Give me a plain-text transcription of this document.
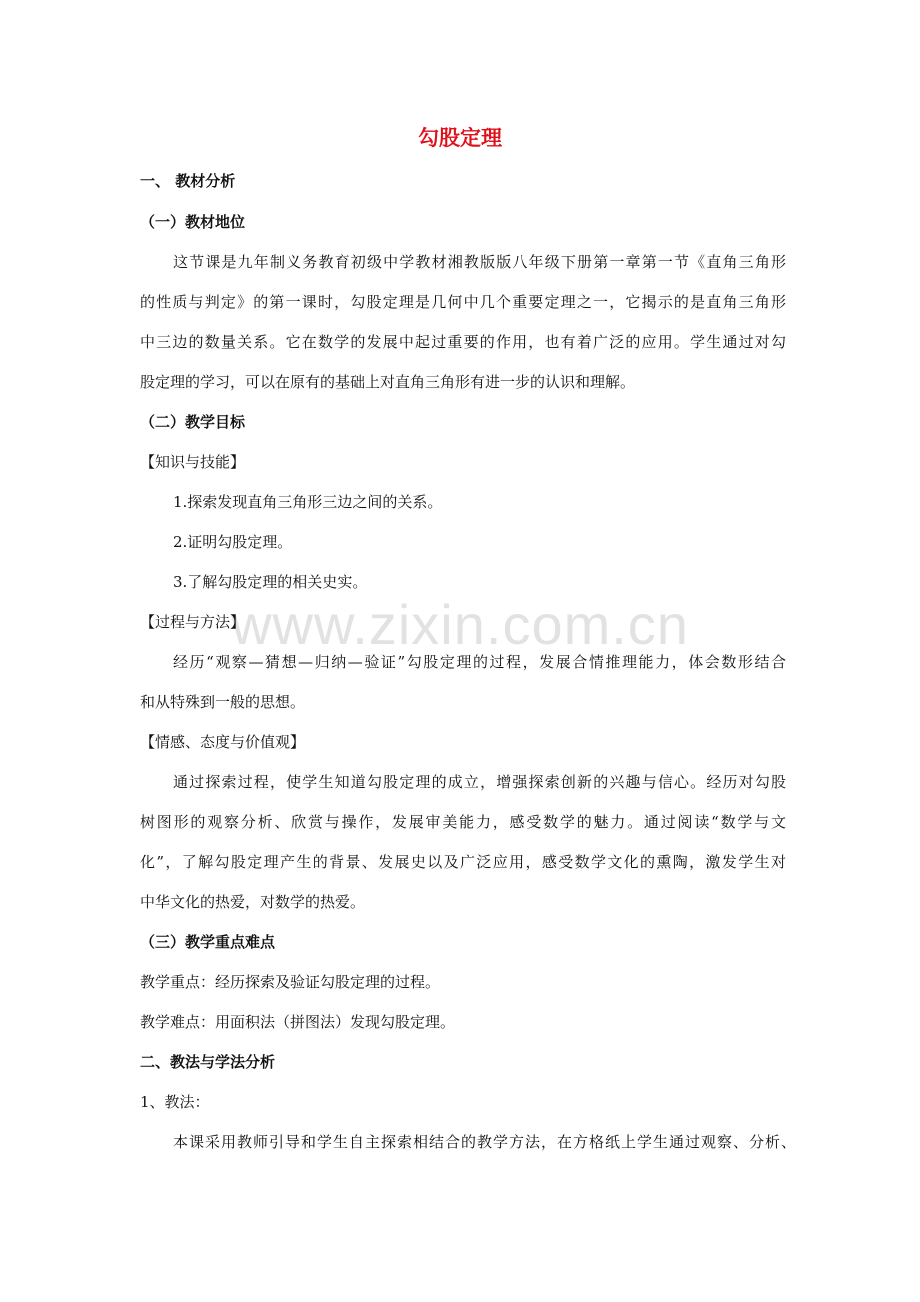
www.zixin.com.cn
勾股定理
一、 教材分析
（一）教材地位
这节课是九年制义务教育初级中学教材湘教版版八年级下册第一章第一节《直角三角形
的性质与判定》的第一课时，勾股定理是几何中几个重要定理之一，它揭示的是直角三角形
中三边的数量关系。它在数学的发展中起过重要的作用，也有着广泛的应用。学生通过对勾
股定理的学习，可以在原有的基础上对直角三角形有进一步的认识和理解。
（二）教学目标
【知识与技能】
1.探索发现直角三角形三边之间的关系。
2.证明勾股定理。
3.了解勾股定理的相关史实。
【过程与方法】
经历“观察—猜想—归纳—验证”勾股定理的过程，发展合情推理能力，体会数形结合
和从特殊到一般的思想。
【情感、态度与价值观】
通过探索过程，使学生知道勾股定理的成立，增强探索创新的兴趣与信心。经历对勾股
树图形的观察分析、欣赏与操作，发展审美能力，感受数学的魅力。通过阅读“数学与文
化”，了解勾股定理产生的背景、发展史以及广泛应用，感受数学文化的熏陶，激发学生对
中华文化的热爱，对数学的热爱。
（三）教学重点难点
教学重点：经历探索及验证勾股定理的过程。
教学难点：用面积法（拼图法）发现勾股定理。
二、教法与学法分析
1、教法：
本课采用教师引导和学生自主探索相结合的教学方法，在方格纸上学生通过观察、分析、
